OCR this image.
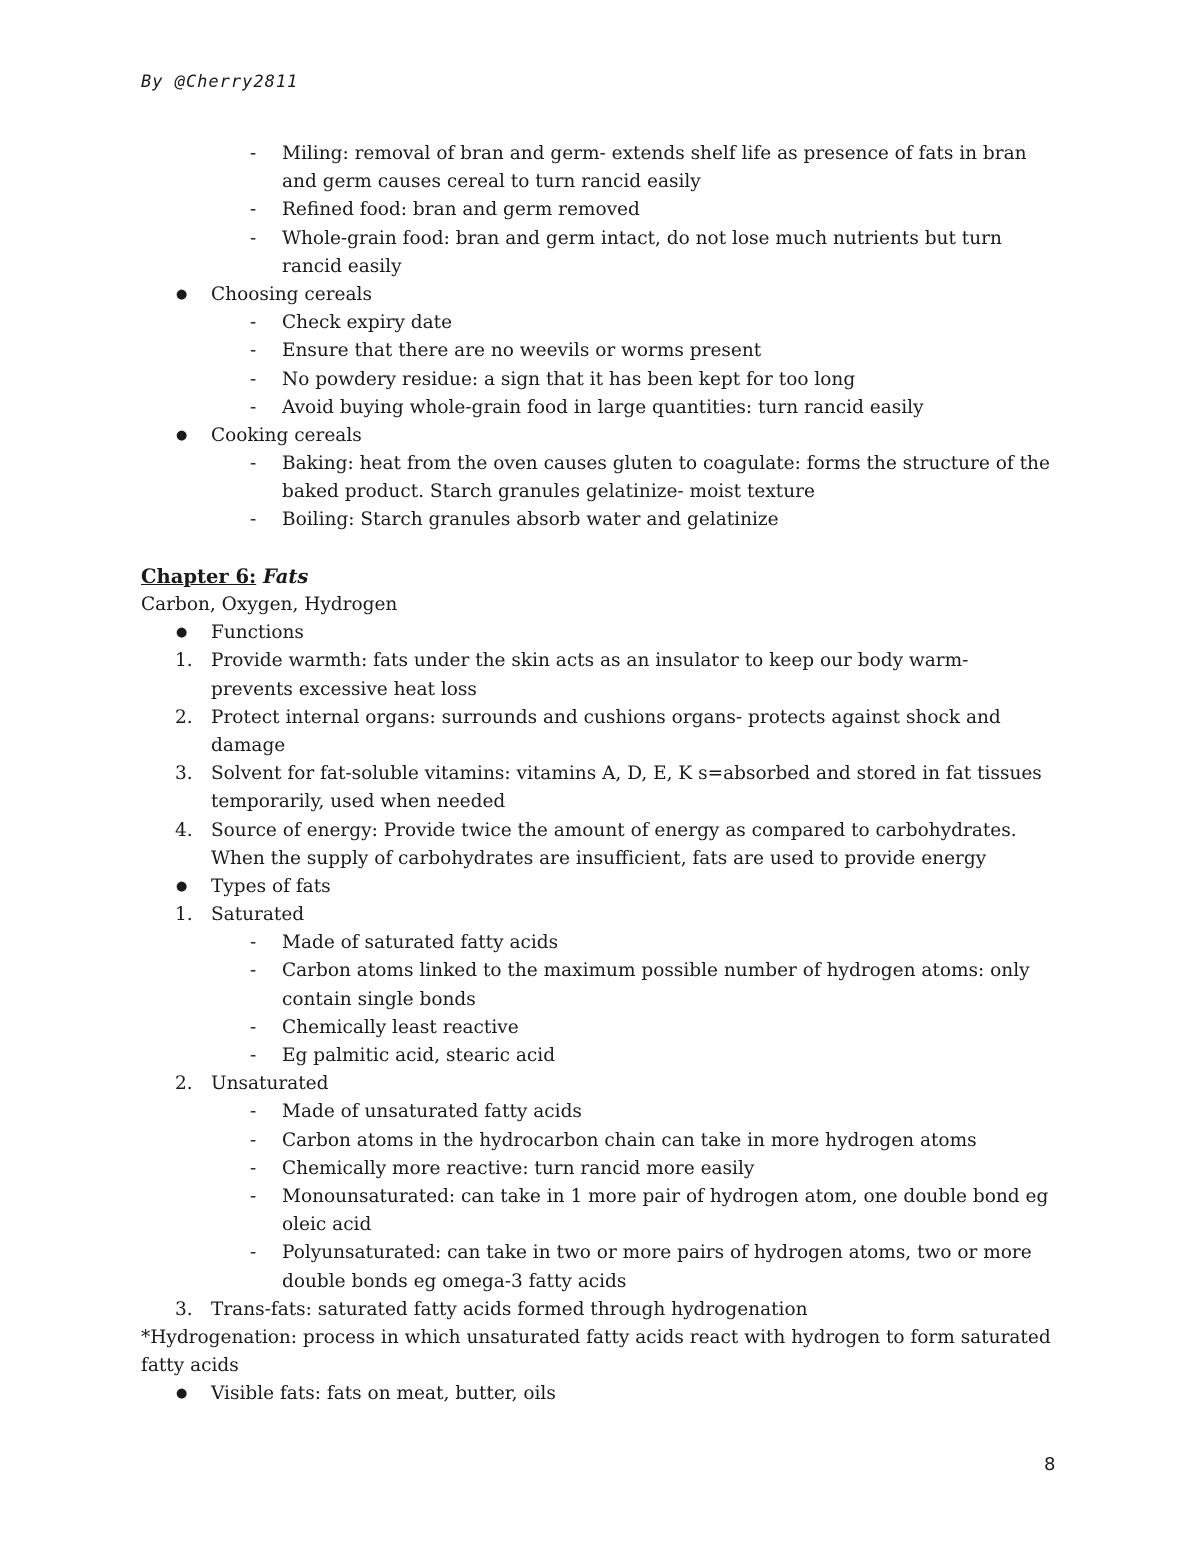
By @Cherry2811
- Miling: removal of bran and germ- extends shelf life as presence of fats in bran
and germ causes cereal to turn rancid easily
- Refined food: bran and germ removed
- Whole-grain food: bran and germ intact, do not lose much nutrients but turn
rancid easily
● Choosing cereals
- Check expiry date
- Ensure that there are no weevils or worms present
- No powdery residue: a sign that it has been kept for too long
- Avoid buying whole-grain food in large quantities: turn rancid easily
● Cooking cereals
- Baking: heat from the oven causes gluten to coagulate: forms the structure of the
baked product. Starch granules gelatinize- moist texture
- Boiling: Starch granules absorb water and gelatinize
Chapter 6: Fats
Carbon, Oxygen, Hydrogen
● Functions
1. Provide warmth: fats under the skin acts as an insulator to keep our body warm-
prevents excessive heat loss
2. Protect internal organs: surrounds and cushions organs- protects against shock and
damage
3. Solvent for fat-soluble vitamins: vitamins A, D, E, K s=absorbed and stored in fat tissues
temporarily, used when needed
4. Source of energy: Provide twice the amount of energy as compared to carbohydrates.
When the supply of carbohydrates are insufficient, fats are used to provide energy
● Types of fats
1. Saturated
- Made of saturated fatty acids
- Carbon atoms linked to the maximum possible number of hydrogen atoms: only
contain single bonds
- Chemically least reactive
- Eg palmitic acid, stearic acid
2. Unsaturated
- Made of unsaturated fatty acids
- Carbon atoms in the hydrocarbon chain can take in more hydrogen atoms
- Chemically more reactive: turn rancid more easily
- Monounsaturated: can take in 1 more pair of hydrogen atom, one double bond eg
oleic acid
- Polyunsaturated: can take in two or more pairs of hydrogen atoms, two or more
double bonds eg omega-3 fatty acids
3. Trans-fats: saturated fatty acids formed through hydrogenation
*Hydrogenation: process in which unsaturated fatty acids react with hydrogen to form saturated
fatty acids
● Visible fats: fats on meat, butter, oils
8
